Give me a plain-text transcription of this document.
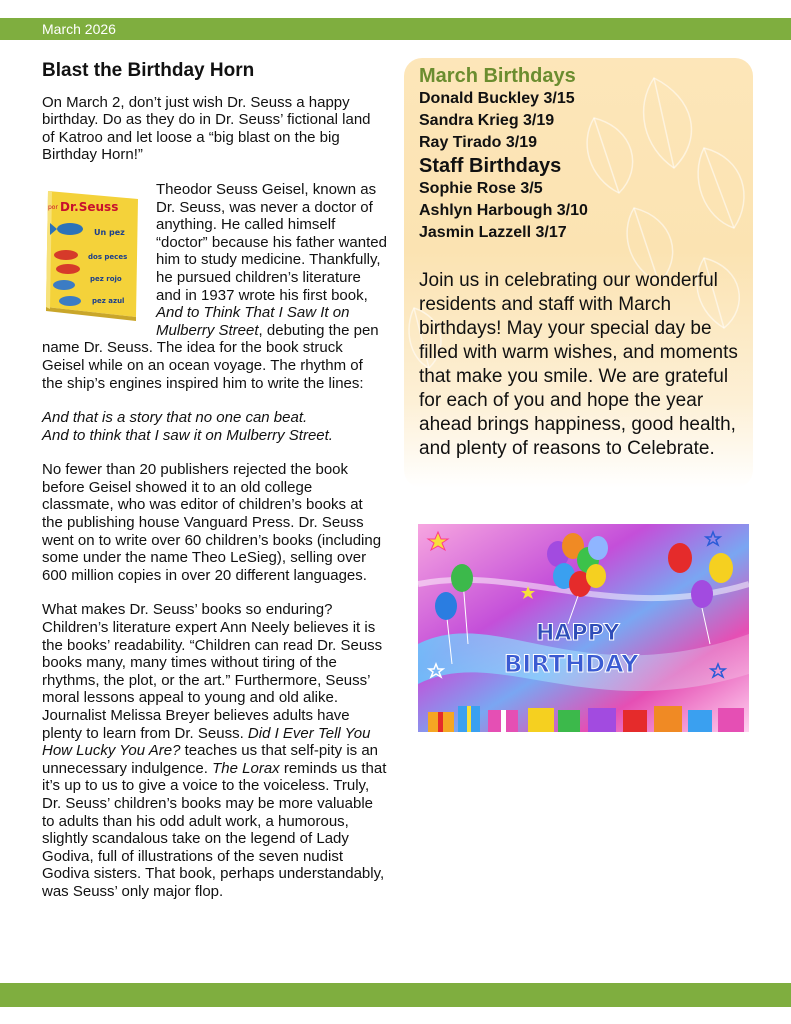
March 2026
Blast the Birthday Horn

On March 2, don’t just wish Dr. Seuss a happy birthday. Do as they do in Dr. Seuss’ fictional land of Katroo and let loose a “big blast on the big Birthday Horn!”

por Dr.Seuss
Un pez
dos peces
pez rojo
pez azul

Theodor Seuss Geisel, known as Dr. Seuss, was never a doctor of anything. He called himself “doctor” because his father wanted him to study medicine. Thankfully, he pursued children’s literature and in 1937 wrote his first book, And to Think That I Saw It on Mulberry Street, debuting the pen name Dr. Seuss. The idea for the book struck Geisel while on an ocean voyage. The rhythm of the ship’s engines inspired him to write the lines:

And that is a story that no one can beat.
And to think that I saw it on Mulberry Street.

No fewer than 20 publishers rejected the book before Geisel showed it to an old college classmate, who was editor of children’s books at the publishing house Vanguard Press. Dr. Seuss went on to write over 60 children’s books (including some under the name Theo LeSieg), selling over 600 million copies in over 20 different languages.

What makes Dr. Seuss’ books so enduring? Children’s literature expert Ann Neely believes it is the books’ readability. “Children can read Dr. Seuss books many, many times without tiring of the rhythms, the plot, or the art.” Furthermore, Seuss’ moral lessons appeal to young and old alike. Journalist Melissa Breyer believes adults have plenty to learn from Dr. Seuss. Did I Ever Tell You How Lucky You Are? teaches us that self-pity is an unnecessary indulgence. The Lorax reminds us that it’s up to us to give a voice to the voiceless. Truly, Dr. Seuss’ children’s books may be more valuable to adults than his odd adult work, a humorous, slightly scandalous take on the legend of Lady Godiva, full of illustrations of the seven nudist Godiva sisters. That book, perhaps understandably, was Seuss’ only major flop.

March Birthdays
Donald Buckley 3/15
Sandra Krieg 3/19
Ray Tirado 3/19
Staff Birthdays
Sophie Rose 3/5
Ashlyn Harbough 3/10
Jasmin Lazzell 3/17
Join us in celebrating our wonderful residents and staff with March birthdays! May your special day be filled with warm wishes, and moments that make you smile. We are grateful for each of you and hope the year ahead brings happiness, good health, and plenty of reasons to Celebrate.
HAPPY
BIRTHDAY
